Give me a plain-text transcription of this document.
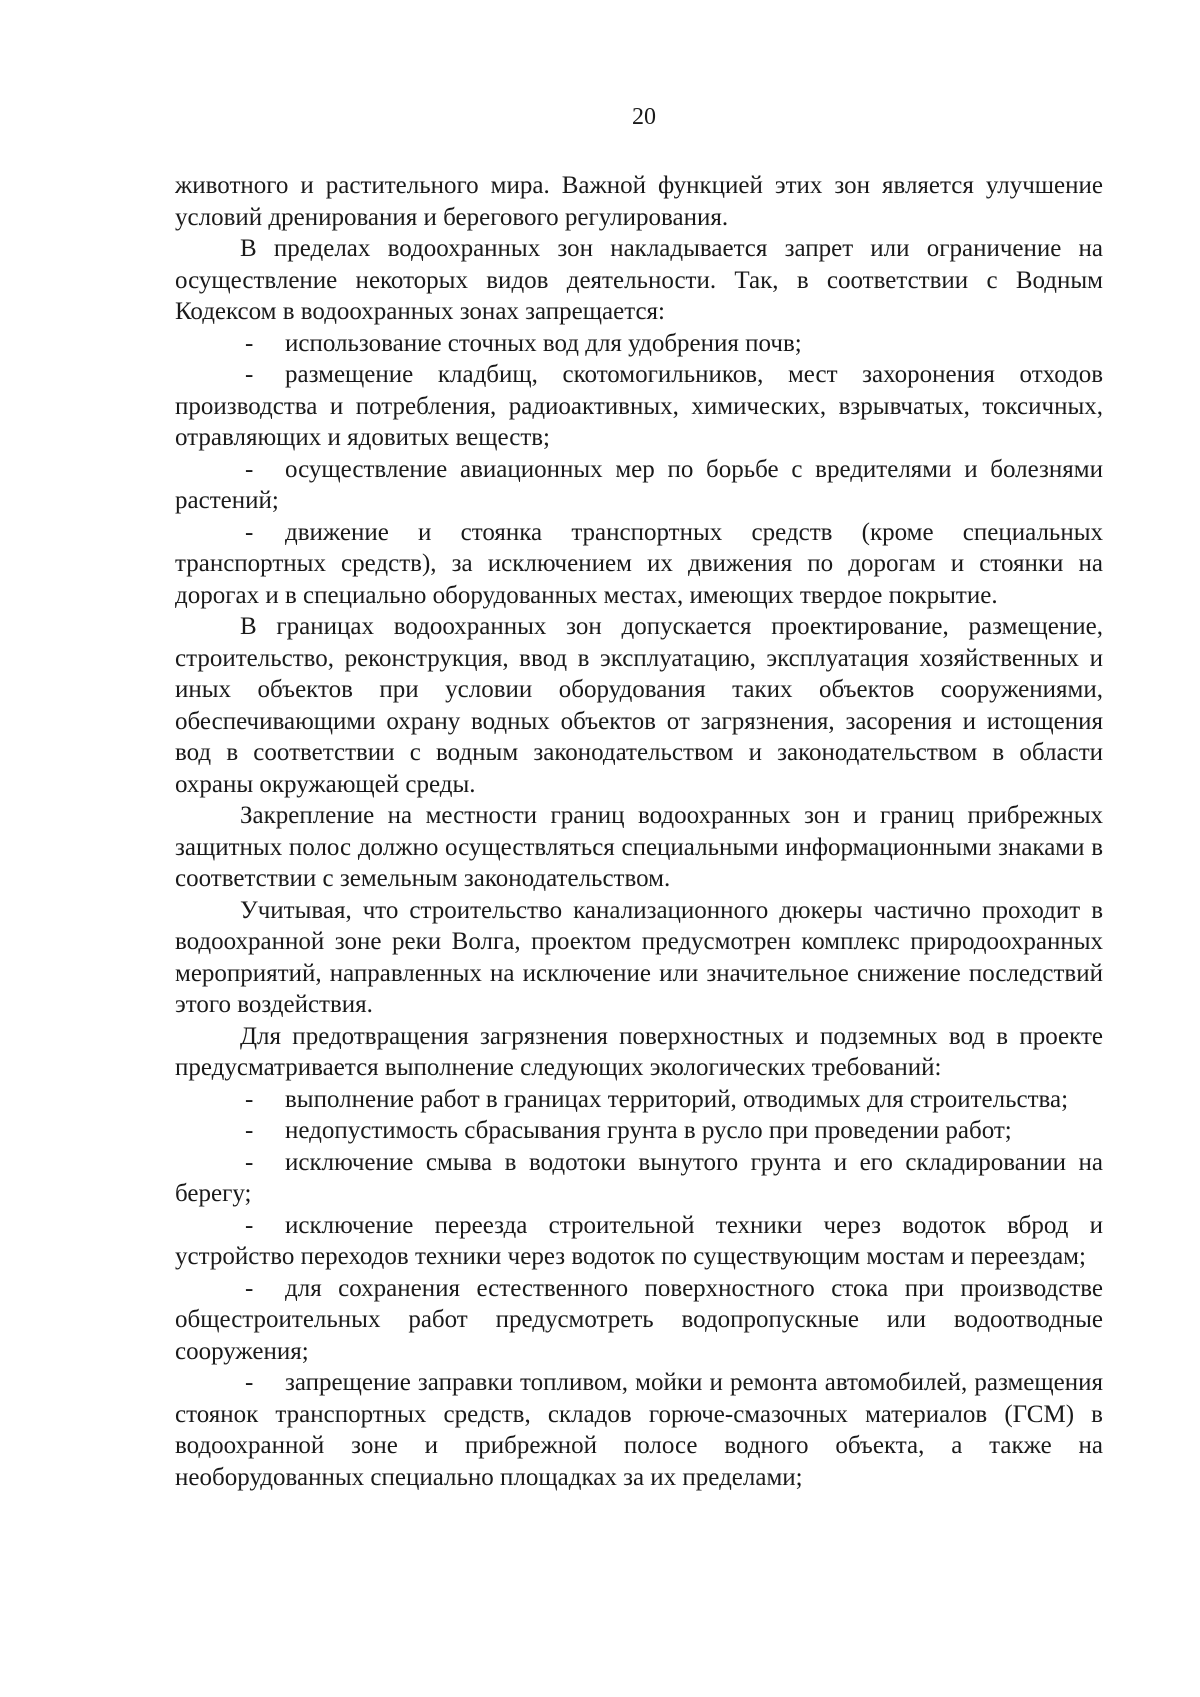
20

животного и растительного мира. Важной функцией этих зон является улучшение условий дренирования и берегового регулирования.

В пределах водоохранных зон накладывается запрет или ограничение на осуществление некоторых видов деятельности. Так, в соответствии с Водным Кодексом в водоохранных зонах запрещается:

- использование сточных вод для удобрения почв;

- размещение кладбищ, скотомогильников, мест захоронения отходов производства и потребления, радиоактивных, химических, взрывчатых, токсичных, отравляющих и ядовитых веществ;

- осуществление авиационных мер по борьбе с вредителями и болезнями растений;

- движение и стоянка транспортных средств (кроме специальных транспортных средств), за исключением их движения по дорогам и стоянки на дорогах и в специально оборудованных местах, имеющих твердое покрытие.

В границах водоохранных зон допускается проектирование, размещение, строительство, реконструкция, ввод в эксплуатацию, эксплуатация хозяйственных и иных объектов при условии оборудования таких объектов сооружениями, обеспечивающими охрану водных объектов от загрязнения, засорения и истощения вод в соответствии с водным законодательством и законодательством в области охраны окружающей среды.

Закрепление на местности границ водоохранных зон и границ прибрежных защитных полос должно осуществляться специальными информационными знаками в соответствии с земельным законодательством.

Учитывая, что строительство канализационного дюкеры частично проходит в водоохранной зоне реки Волга, проектом предусмотрен комплекс природоохранных мероприятий, направленных на исключение или значительное снижение последствий этого воздействия.

Для предотвращения загрязнения поверхностных и подземных вод в проекте предусматривается выполнение следующих экологических требований:

- выполнение работ в границах территорий, отводимых для строительства;

- недопустимость сбрасывания грунта в русло при проведении работ;

- исключение смыва в водотоки вынутого грунта и его складировании на берегу;

- исключение переезда строительной техники через водоток вброд и устройство переходов техники через водоток по существующим мостам и переездам;

- для сохранения естественного поверхностного стока при производстве общестроительных работ предусмотреть водопропускные или водоотводные сооружения;

- запрещение заправки топливом, мойки и ремонта автомобилей, размещения стоянок транспортных средств, складов горюче-смазочных материалов (ГСМ) в водоохранной зоне и прибрежной полосе водного объекта, а также на необорудованных специально площадках за их пределами;
